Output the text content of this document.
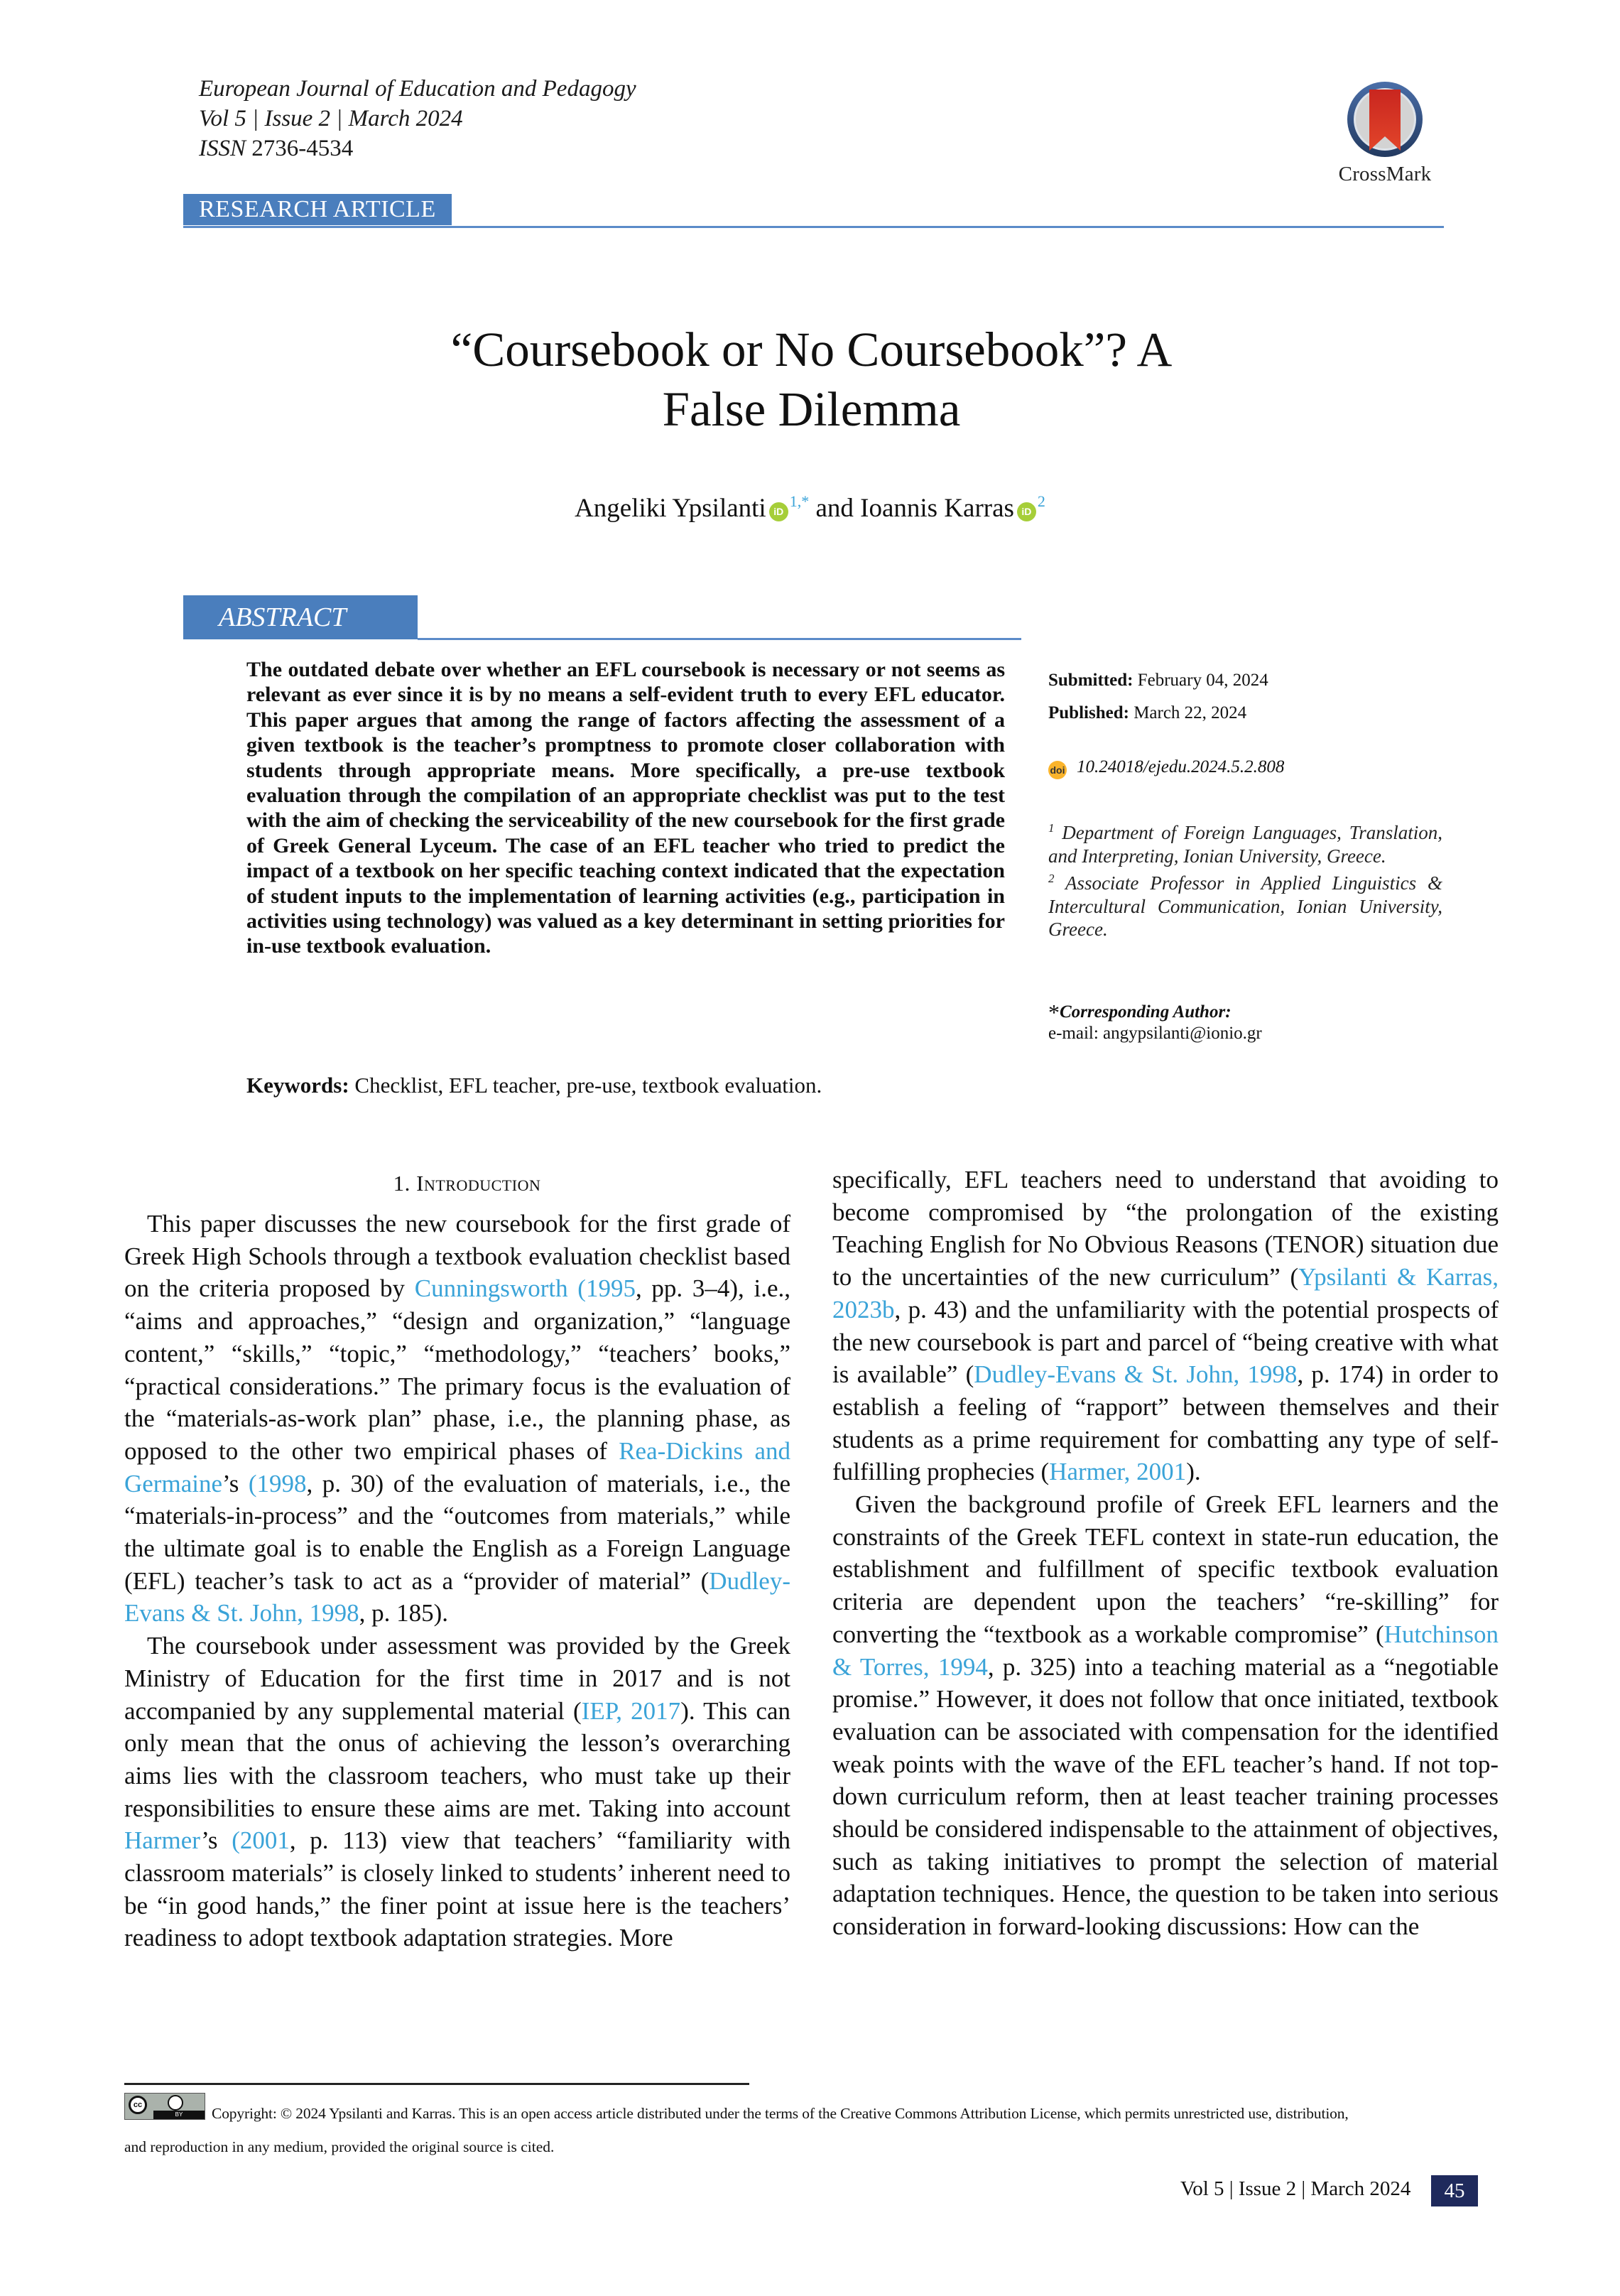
European Journal of Education and Pedagogy
Vol 5 | Issue 2 | March 2024
ISSN 2736-4534
CrossMark
RESEARCH ARTICLE
“Coursebook or No Coursebook”? A
False Dilemma
Angeliki Ypsilanti $iD^{1,*}$ and Ioannis Karras $iD^2$
ABSTRACT
The outdated debate over whether an EFL coursebook is necessary or not seems as relevant as ever since it is by no means a self-evident truth to every EFL educator. This paper argues that among the range of factors affecting the assessment of a given textbook is the teacher’s promptness to promote closer collaboration with students through appropriate means. More specifically, a pre-use textbook evaluation through the compilation of an appropriate checklist was put to the test with the aim of checking the serviceability of the new coursebook for the first grade of Greek General Lyceum. The case of an EFL teacher who tried to predict the impact of a textbook on her specific teaching context indicated that the expectation of student inputs to the implementation of learning activities (e.g., participation in activities using technology) was valued as a key determinant in setting priorities for in-use textbook evaluation.
Keywords: Checklist, EFL teacher, pre-use, textbook evaluation.
Submitted: February 04, 2024
Published: March 22, 2024
doi 10.24018/ejedu.2024.5.2.808
$^1$ Department of Foreign Languages, Translation, and Interpreting, Ionian University, Greece.
$^2$ Associate Professor in Applied Linguistics & Intercultural Communication, Ionian University, Greece.
*Corresponding Author:
e-mail: angypsilanti@ionio.gr
1. Introduction

This paper discusses the new coursebook for the first grade of Greek High Schools through a textbook evaluation checklist based on the criteria proposed by Cunningsworth (1995, pp. 3–4), i.e., “aims and approaches,” “design and organization,” “language content,” “skills,” “topic,” “methodology,” “teachers’ books,” “practical considerations.” The primary focus is the evaluation of the “materials-as-work plan” phase, i.e., the planning phase, as opposed to the other two empirical phases of Rea-Dickins and Germaine’s (1998, p. 30) of the evaluation of materials, i.e., the “materials-in-process” and the “outcomes from materials,” while the ultimate goal is to enable the English as a Foreign Language (EFL) teacher’s task to act as a “provider of material” (Dudley-Evans & St. John, 1998, p. 185).

The coursebook under assessment was provided by the Greek Ministry of Education for the first time in 2017 and is not accompanied by any supplemental material (IEP, 2017). This can only mean that the onus of achieving the lesson’s overarching aims lies with the classroom teachers, who must take up their responsibilities to ensure these aims are met. Taking into account Harmer’s (2001, p. 113) view that teachers’ “familiarity with classroom materials” is closely linked to students’ inherent need to be “in good hands,” the finer point at issue here is the teachers’ readiness to adopt textbook adaptation strategies. More

specifically, EFL teachers need to understand that avoiding to become compromised by “the prolongation of the existing Teaching English for No Obvious Reasons (TENOR) situation due to the uncertainties of the new curriculum” (Ypsilanti & Karras, 2023b, p. 43) and the unfamiliarity with the potential prospects of the new coursebook is part and parcel of “being creative with what is available” (Dudley-Evans & St. John, 1998, p. 174) in order to establish a feeling of “rapport” between themselves and their students as a prime requirement for combatting any type of self-fulfilling prophecies (Harmer, 2001).

Given the background profile of Greek EFL learners and the constraints of the Greek TEFL context in state-run education, the establishment and fulfillment of specific textbook evaluation criteria are dependent upon the teachers’ “re-skilling” for converting the “textbook as a workable compromise” (Hutchinson & Torres, 1994, p. 325) into a teaching material as a “negotiable promise.” However, it does not follow that once initiated, textbook evaluation can be associated with compensation for the identified weak points with the wave of the EFL teacher’s hand. If not top-down curriculum reform, then at least teacher training processes should be considered indispensable to the attainment of objectives, such as taking initiatives to prompt the selection of material adaptation techniques. Hence, the question to be taken into serious consideration in forward-looking discussions: How can the

cc
BY	Copyright: © 2024 Ypsilanti and Karras. This is an open access article distributed under the terms of the Creative Commons Attribution License, which permits unrestricted use, distribution,
and reproduction in any medium, provided the original source is cited.
Vol 5 | Issue 2 | March 2024	45
